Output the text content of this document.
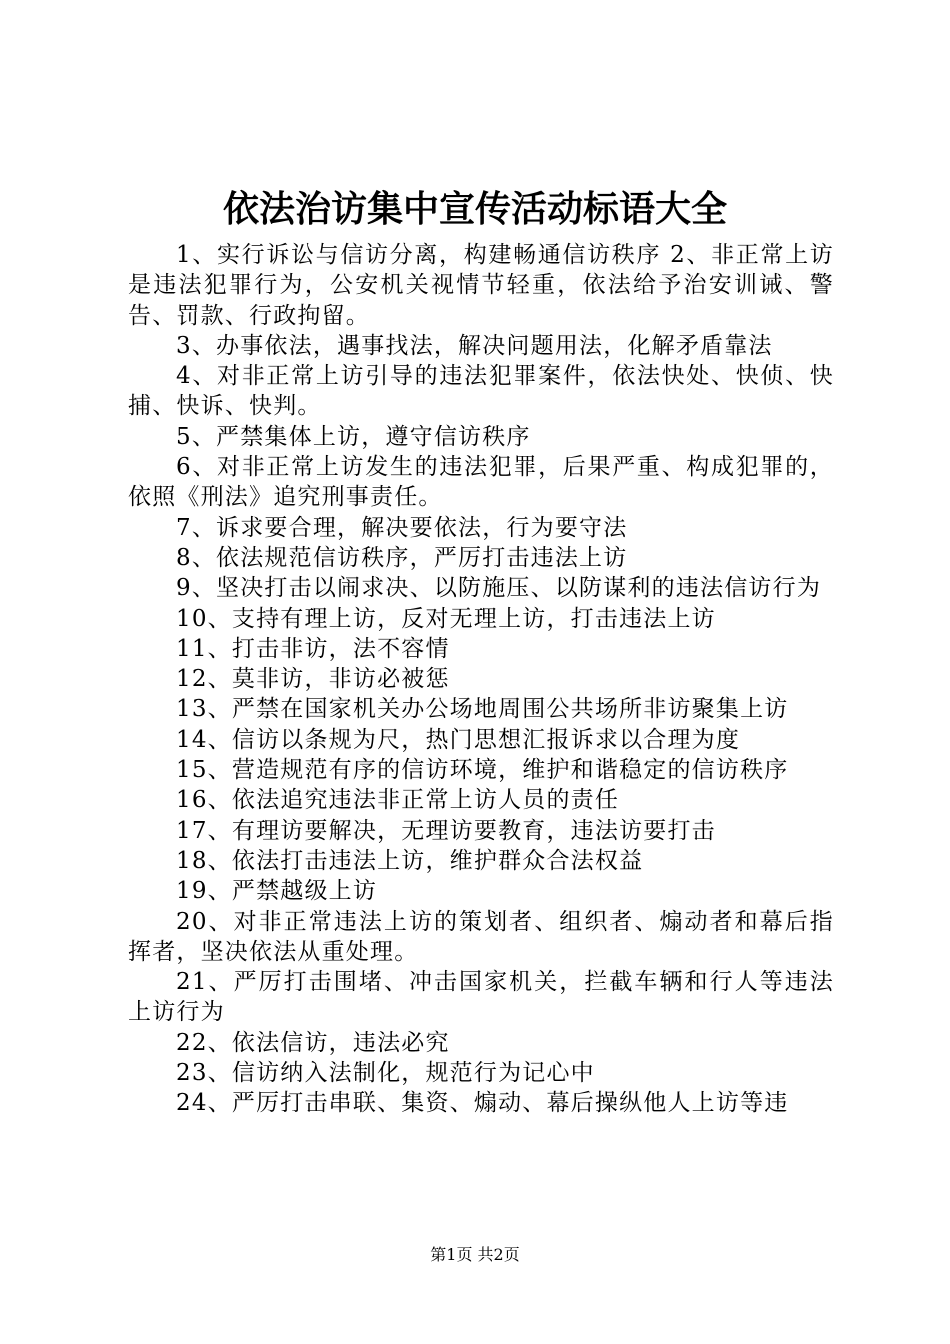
依法治访集中宣传活动标语大全

1、实行诉讼与信访分离，构建畅通信访秩序 2、非正常上访是违法犯罪行为，公安机关视情节轻重，依法给予治安训诫、警告、罚款、行政拘留。

3、办事依法，遇事找法，解决问题用法，化解矛盾靠法

4、对非正常上访引导的违法犯罪案件，依法快处、快侦、快捕、快诉、快判。

5、严禁集体上访，遵守信访秩序

6、对非正常上访发生的违法犯罪，后果严重、构成犯罪的，依照《刑法》追究刑事责任。

7、诉求要合理，解决要依法，行为要守法

8、依法规范信访秩序，严厉打击违法上访

9、坚决打击以闹求决、以防施压、以防谋利的违法信访行为

10、支持有理上访，反对无理上访，打击违法上访

11、打击非访，法不容情

12、莫非访，非访必被惩

13、严禁在国家机关办公场地周围公共场所非访聚集上访

14、信访以条规为尺，热门思想汇报诉求以合理为度

15、营造规范有序的信访环境，维护和谐稳定的信访秩序

16、依法追究违法非正常上访人员的责任

17、有理访要解决，无理访要教育，违法访要打击

18、依法打击违法上访，维护群众合法权益

19、严禁越级上访

20、对非正常违法上访的策划者、组织者、煽动者和幕后指挥者，坚决依法从重处理。

21、严厉打击围堵、冲击国家机关，拦截车辆和行人等违法上访行为

22、依法信访，违法必究

23、信访纳入法制化，规范行为记心中

24、严厉打击串联、集资、煽动、幕后操纵他人上访等违

第1页 共2页
